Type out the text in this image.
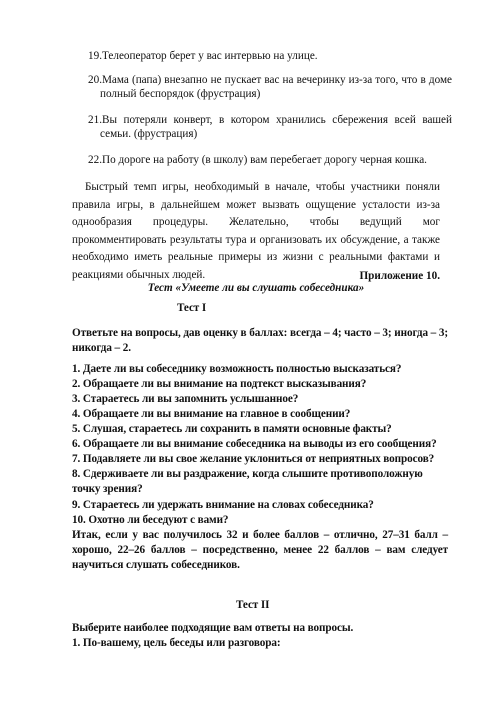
19.Телеоператор берет у вас интервью на улице.
20.Мама (папа) внезапно не пускает вас на вечеринку из-за того, что в доме полный беспорядок (фрустрация)
21.Вы потеряли конверт, в котором хранились сбережения всей вашей семьи. (фрустрация)
22.По дороге на работу (в школу) вам перебегает дорогу черная кошка.
Быстрый темп игры, необходимый в начале, чтобы участники поняли правила игры, в дальнейшем может вызвать ощущение усталости из-за однообразия процедуры. Желательно, чтобы ведущий мог прокомментировать результаты тура и организовать их обсуждение, а также необходимо иметь реальные примеры из жизни с реальными фактами и реакциями обычных людей.	Приложение 10.
Тест «Умеете ли вы слушать собеседника»
Тест I
Ответьте на вопросы, дав оценку в баллах: всегда – 4; часто – 3; иногда – 3; никогда – 2.
1. Даете ли вы собеседнику возможность полностью высказаться?
2. Обращаете ли вы внимание на подтекст высказывания?
3. Стараетесь ли вы запомнить услышанное?
4. Обращаете ли вы внимание на главное в сообщении?
5. Слушая, стараетесь ли сохранить в памяти основные факты?
6. Обращаете ли вы внимание собеседника на выводы из его сообщения?
7. Подавляете ли вы свое желание уклониться от неприятных вопросов?
8. Сдерживаете ли вы раздражение, когда слышите противоположную точку зрения?
9. Стараетесь ли удержать внимание на словах собеседника?
10. Охотно ли беседуют с вами?
Итак, если у вас получилось 32 и более баллов – отлично, 27–31 балл – хорошо, 22–26 баллов – посредственно, менее 22 баллов – вам следует научиться слушать собеседников.
Тест II
Выберите наиболее подходящие вам ответы на вопросы.
1. По-вашему, цель беседы или разговора:
